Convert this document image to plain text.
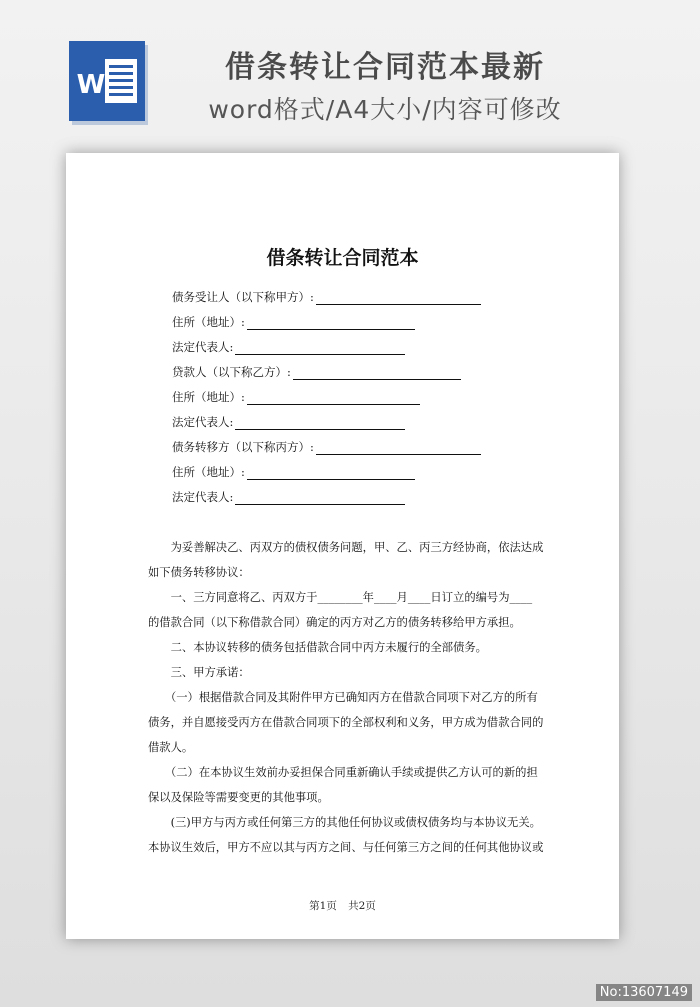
W	借条转让合同范本最新
word格式/A4大小/内容可修改
借条转让合同范本
债务受让人（以下称甲方）:
住所（地址）:
法定代表人:
贷款人（以下称乙方）:
住所（地址）:
法定代表人:
债务转移方（以下称丙方）:
住所（地址）:
法定代表人:
　　为妥善解决乙、丙双方的债权债务问题，甲、乙、丙三方经协商，依法达成
如下债务转移协议：
　　一、三方同意将乙、丙双方于________年____月____日订立的编号为____
的借款合同（以下称借款合同）确定的丙方对乙方的债务转移给甲方承担。
　　二、本协议转移的债务包括借款合同中丙方未履行的全部债务。
　　三、甲方承诺：
　　（一）根据借款合同及其附件甲方已确知丙方在借款合同项下对乙方的所有
债务，并自愿接受丙方在借款合同项下的全部权利和义务，甲方成为借款合同的
借款人。
　　（二）在本协议生效前办妥担保合同重新确认手续或提供乙方认可的新的担
保以及保险等需要变更的其他事项。
　　(三)甲方与丙方或任何第三方的其他任何协议或债权债务均与本协议无关。
本协议生效后，甲方不应以其与丙方之间、与任何第三方之间的任何其他协议或
第1页 共2页
No:13607149
